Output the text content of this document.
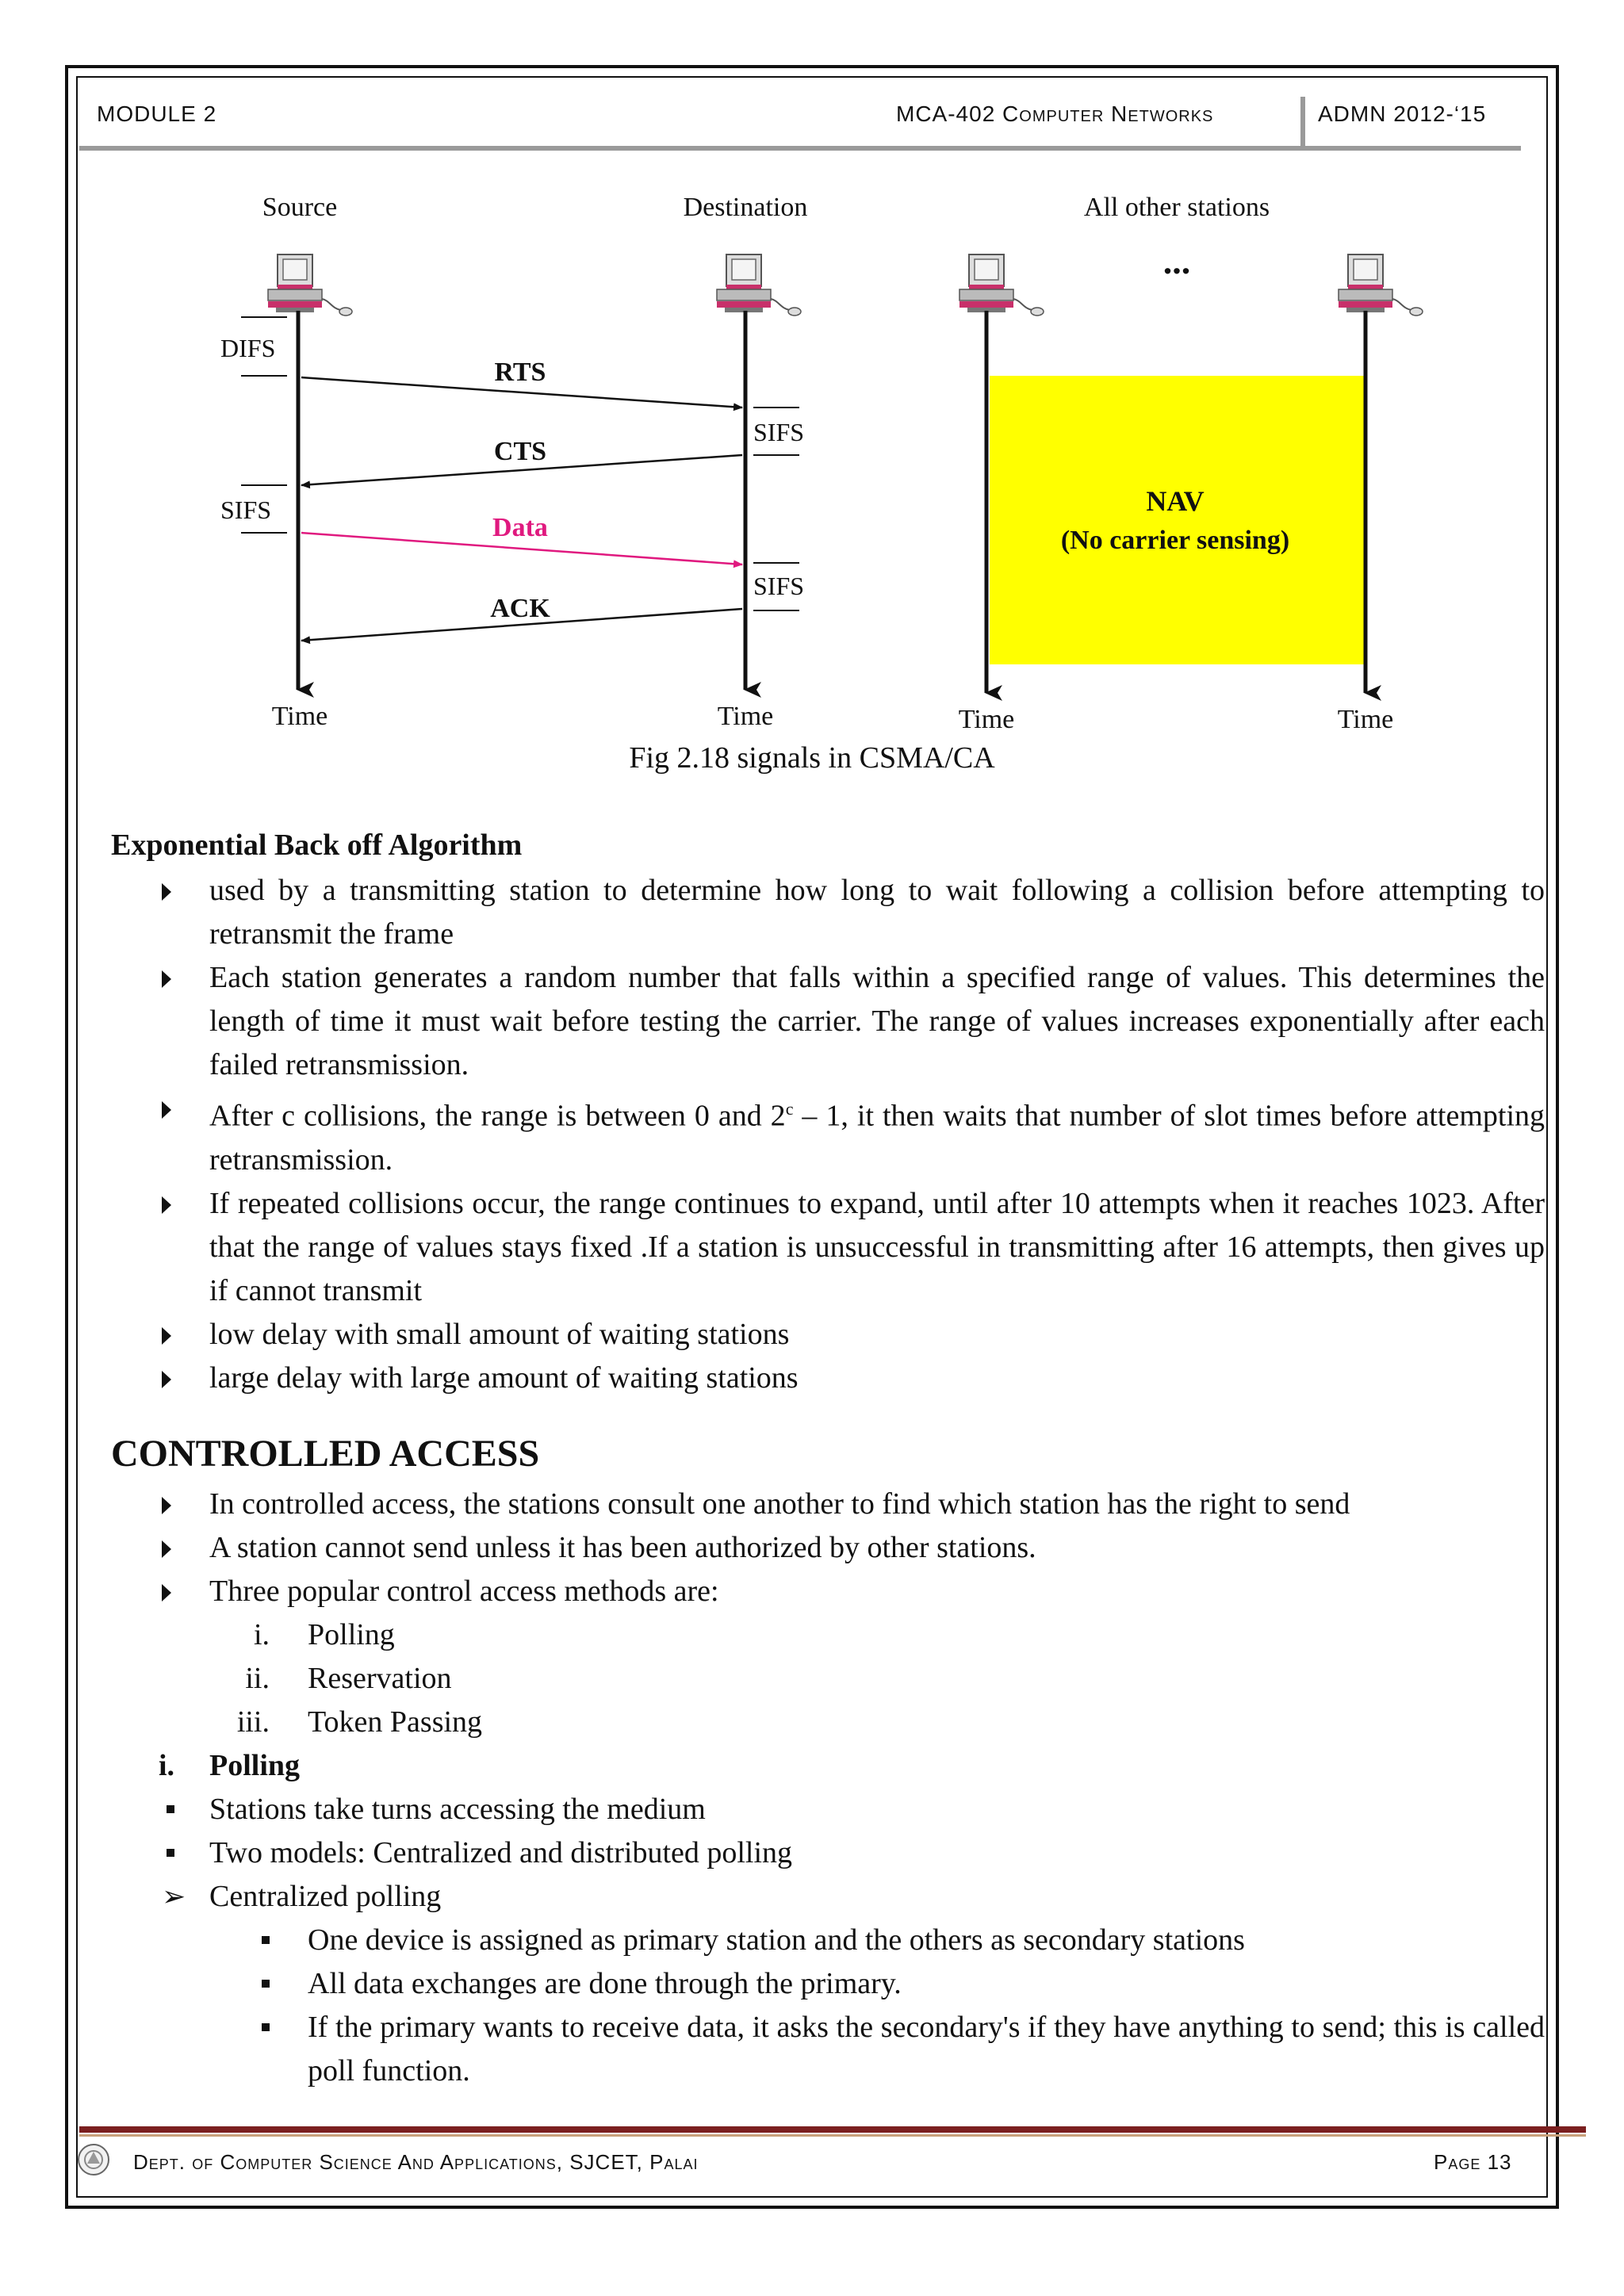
MODULE 2	MCA-402 Computer Networks	ADMN 2012-‘15
Source	Destination	All other stations
...
DIFS
SIFS
SIFS
SIFS
RTS
CTS
Data
ACK
NAV
(No carrier sensing)
Time	Time	Time	Time
Fig 2.18 signals in CSMA/CA
Exponential Back off Algorithm
used by a transmitting station to determine how long to wait following a collision before attempting to retransmit the frame
Each station generates a random number that falls within a specified range of values. This determines the length of time it must wait before testing the carrier. The range of values increases exponentially after each failed retransmission.
After c collisions, the range is between 0 and 2$^c$ – 1, it then waits that number of slot times before attempting retransmission.
If repeated collisions occur, the range continues to expand, until after 10 attempts when it reaches 1023. After that the range of values stays fixed .If a station is unsuccessful in transmitting after 16 attempts, then gives up if cannot transmit
low delay with small amount of waiting stations
large delay with large amount of waiting stations
CONTROLLED ACCESS
In controlled access, the stations consult one another to find which station has the right to send
A station cannot send unless it has been authorized by other stations.
Three popular control access methods are:
i. Polling
ii. Reservation
iii. Token Passing
i. Polling
Stations take turns accessing the medium
Two models: Centralized and distributed polling
➢ Centralized polling
One device is assigned as primary station and the others as secondary stations
All data exchanges are done through the primary.
If the primary wants to receive data, it asks the secondary's if they have anything to send; this is called poll function.
Dept. of Computer Science And Applications, SJCET, Palai	Page 13
